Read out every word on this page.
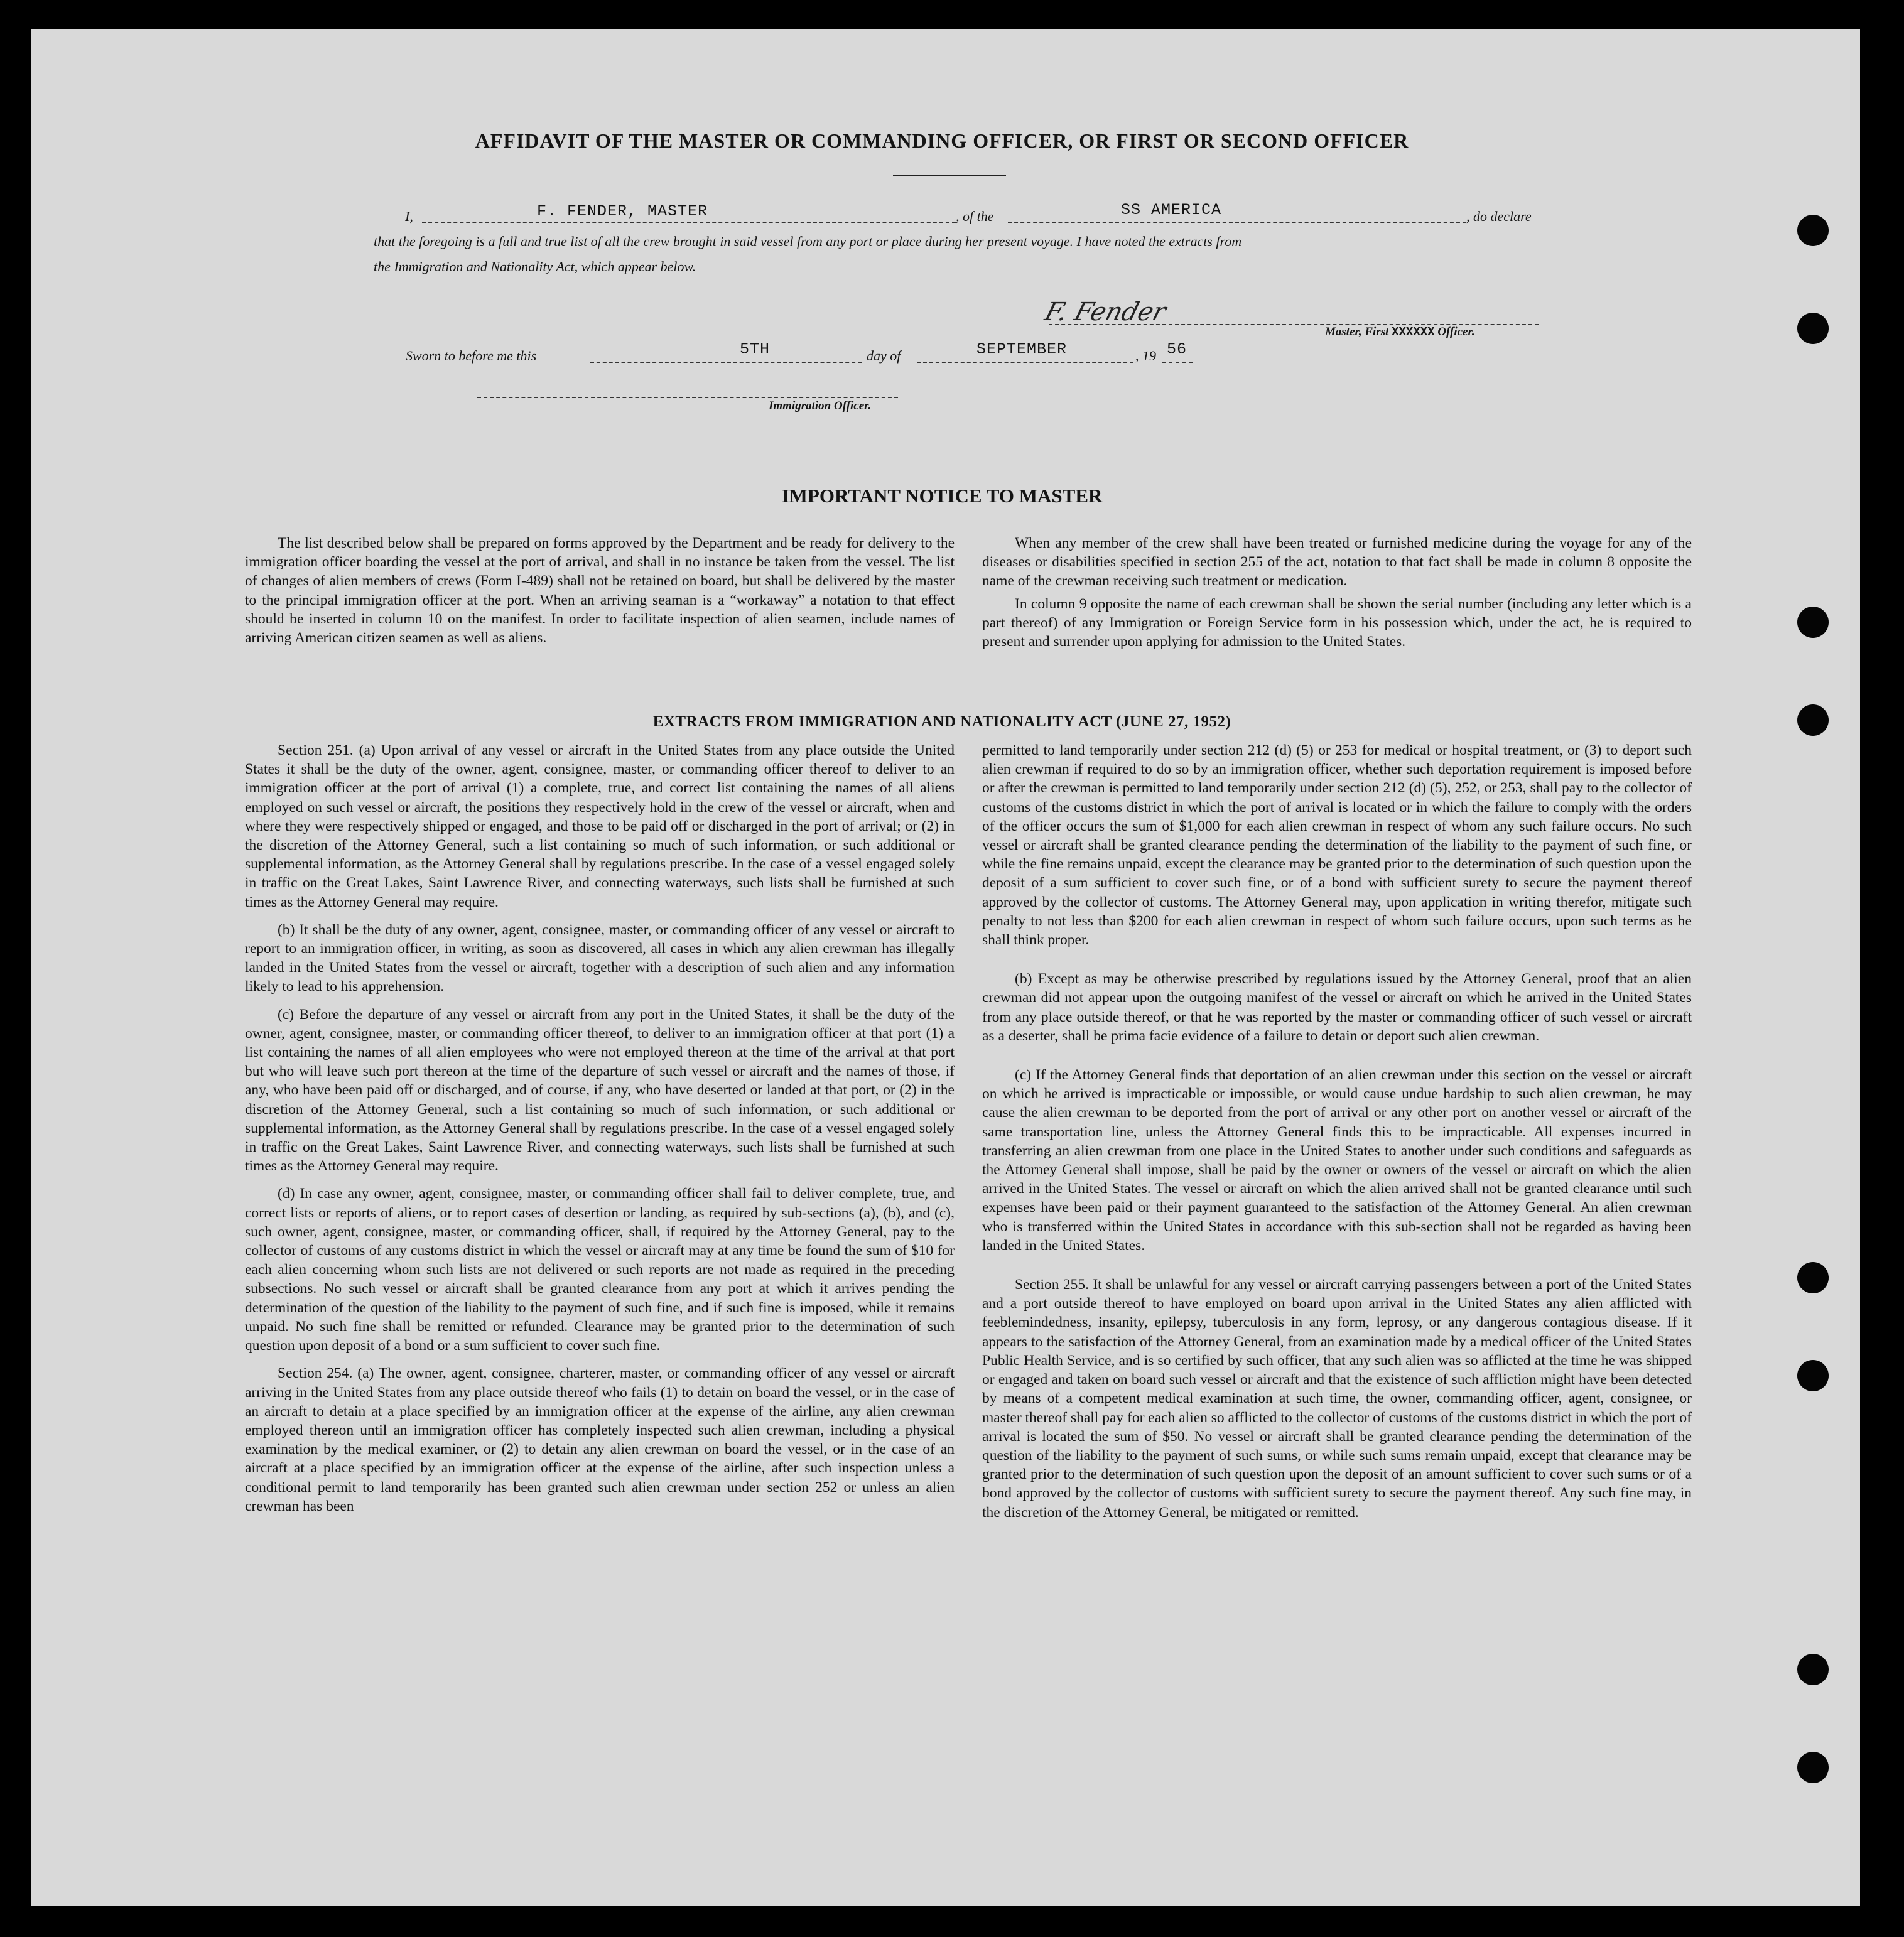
AFFIDAVIT OF THE MASTER OR COMMANDING OFFICER, OR FIRST OR SECOND OFFICER
I,	F. FENDER, MASTER	, of the	SS AMERICA	, do declare
that the foregoing is a full and true list of all the crew brought in said vessel from any port or place during her present voyage. I have noted the extracts from
the Immigration and Nationality Act, which appear below.
F. Fender
Master, First XXXXXX Officer.
Sworn to before me this	5TH	day of	SEPTEMBER	, 19 56
Immigration Officer.
IMPORTANT NOTICE TO MASTER

The list described below shall be prepared on forms approved by the Department and be ready for delivery to the immigration officer boarding the vessel at the port of arrival, and shall in no instance be taken from the vessel. The list of changes of alien members of crews (Form I-489) shall not be retained on board, but shall be delivered by the master to the principal immigration officer at the port. When an arriving seaman is a “workaway” a notation to that effect should be inserted in column 10 on the manifest. In order to facilitate inspection of alien seamen, include names of arriving American citizen seamen as well as aliens.

When any member of the crew shall have been treated or furnished medicine during the voyage for any of the diseases or disabilities specified in section 255 of the act, notation to that fact shall be made in column 8 opposite the name of the crewman receiving such treatment or medication.

In column 9 opposite the name of each crewman shall be shown the serial number (including any letter which is a part thereof) of any Immigration or Foreign Service form in his possession which, under the act, he is required to present and surrender upon applying for admission to the United States.

EXTRACTS FROM IMMIGRATION AND NATIONALITY ACT (JUNE 27, 1952)

Section 251. (a) Upon arrival of any vessel or aircraft in the United States from any place outside the United States it shall be the duty of the owner, agent, consignee, master, or commanding officer thereof to deliver to an immigration officer at the port of arrival (1) a complete, true, and correct list containing the names of all aliens employed on such vessel or aircraft, the positions they respectively hold in the crew of the vessel or aircraft, when and where they were respectively shipped or engaged, and those to be paid off or discharged in the port of arrival; or (2) in the discretion of the Attorney General, such a list containing so much of such information, or such additional or supplemental information, as the Attorney General shall by regulations prescribe. In the case of a vessel engaged solely in traffic on the Great Lakes, Saint Lawrence River, and connecting waterways, such lists shall be furnished at such times as the Attorney General may require.

(b) It shall be the duty of any owner, agent, consignee, master, or commanding officer of any vessel or aircraft to report to an immigration officer, in writing, as soon as discovered, all cases in which any alien crewman has illegally landed in the United States from the vessel or aircraft, together with a description of such alien and any information likely to lead to his apprehension.

(c) Before the departure of any vessel or aircraft from any port in the United States, it shall be the duty of the owner, agent, consignee, master, or commanding officer thereof, to deliver to an immigration officer at that port (1) a list containing the names of all alien employees who were not employed thereon at the time of the arrival at that port but who will leave such port thereon at the time of the departure of such vessel or aircraft and the names of those, if any, who have been paid off or discharged, and of course, if any, who have deserted or landed at that port, or (2) in the discretion of the Attorney General, such a list containing so much of such information, or such additional or supplemental information, as the Attorney General shall by regulations prescribe. In the case of a vessel engaged solely in traffic on the Great Lakes, Saint Lawrence River, and connecting waterways, such lists shall be furnished at such times as the Attorney General may require.

(d) In case any owner, agent, consignee, master, or commanding officer shall fail to deliver complete, true, and correct lists or reports of aliens, or to report cases of desertion or landing, as required by sub-sections (a), (b), and (c), such owner, agent, consignee, master, or commanding officer, shall, if required by the Attorney General, pay to the collector of customs of any customs district in which the vessel or aircraft may at any time be found the sum of $10 for each alien concerning whom such lists are not delivered or such reports are not made as required in the preceding subsections. No such vessel or aircraft shall be granted clearance from any port at which it arrives pending the determination of the question of the liability to the payment of such fine, and if such fine is imposed, while it remains unpaid. No such fine shall be remitted or refunded. Clearance may be granted prior to the determination of such question upon deposit of a bond or a sum sufficient to cover such fine.

Section 254. (a) The owner, agent, consignee, charterer, master, or commanding officer of any vessel or aircraft arriving in the United States from any place outside thereof who fails (1) to detain on board the vessel, or in the case of an aircraft to detain at a place specified by an immigration officer at the expense of the airline, any alien crewman employed thereon until an immigration officer has completely inspected such alien crewman, including a physical examination by the medical examiner, or (2) to detain any alien crewman on board the vessel, or in the case of an aircraft at a place specified by an immigration officer at the expense of the airline, after such inspection unless a conditional permit to land temporarily has been granted such alien crewman under section 252 or unless an alien crewman has been

permitted to land temporarily under section 212 (d) (5) or 253 for medical or hospital treatment, or (3) to deport such alien crewman if required to do so by an immigration officer, whether such deportation requirement is imposed before or after the crewman is permitted to land temporarily under section 212 (d) (5), 252, or 253, shall pay to the collector of customs of the customs district in which the port of arrival is located or in which the failure to comply with the orders of the officer occurs the sum of $1,000 for each alien crewman in respect of whom any such failure occurs. No such vessel or aircraft shall be granted clearance pending the determination of the liability to the payment of such fine, or while the fine remains unpaid, except the clearance may be granted prior to the determination of such question upon the deposit of a sum sufficient to cover such fine, or of a bond with sufficient surety to secure the payment thereof approved by the collector of customs. The Attorney General may, upon application in writing therefor, mitigate such penalty to not less than $200 for each alien crewman in respect of whom such failure occurs, upon such terms as he shall think proper.

(b) Except as may be otherwise prescribed by regulations issued by the Attorney General, proof that an alien crewman did not appear upon the outgoing manifest of the vessel or aircraft on which he arrived in the United States from any place outside thereof, or that he was reported by the master or commanding officer of such vessel or aircraft as a deserter, shall be prima facie evidence of a failure to detain or deport such alien crewman.

(c) If the Attorney General finds that deportation of an alien crewman under this section on the vessel or aircraft on which he arrived is impracticable or impossible, or would cause undue hardship to such alien crewman, he may cause the alien crewman to be deported from the port of arrival or any other port on another vessel or aircraft of the same transportation line, unless the Attorney General finds this to be impracticable. All expenses incurred in transferring an alien crewman from one place in the United States to another under such conditions and safeguards as the Attorney General shall impose, shall be paid by the owner or owners of the vessel or aircraft on which the alien arrived in the United States. The vessel or aircraft on which the alien arrived shall not be granted clearance until such expenses have been paid or their payment guaranteed to the satisfaction of the Attorney General. An alien crewman who is transferred within the United States in accordance with this sub-section shall not be regarded as having been landed in the United States.

Section 255. It shall be unlawful for any vessel or aircraft carrying passengers between a port of the United States and a port outside thereof to have employed on board upon arrival in the United States any alien afflicted with feeblemindedness, insanity, epilepsy, tuberculosis in any form, leprosy, or any dangerous contagious disease. If it appears to the satisfaction of the Attorney General, from an examination made by a medical officer of the United States Public Health Service, and is so certified by such officer, that any such alien was so afflicted at the time he was shipped or engaged and taken on board such vessel or aircraft and that the existence of such affliction might have been detected by means of a competent medical examination at such time, the owner, commanding officer, agent, consignee, or master thereof shall pay for each alien so afflicted to the collector of customs of the customs district in which the port of arrival is located the sum of $50. No vessel or aircraft shall be granted clearance pending the determination of the question of the liability to the payment of such sums, or while such sums remain unpaid, except that clearance may be granted prior to the determination of such question upon the deposit of an amount sufficient to cover such sums or of a bond approved by the collector of customs with sufficient surety to secure the payment thereof. Any such fine may, in the discretion of the Attorney General, be mitigated or remitted.
